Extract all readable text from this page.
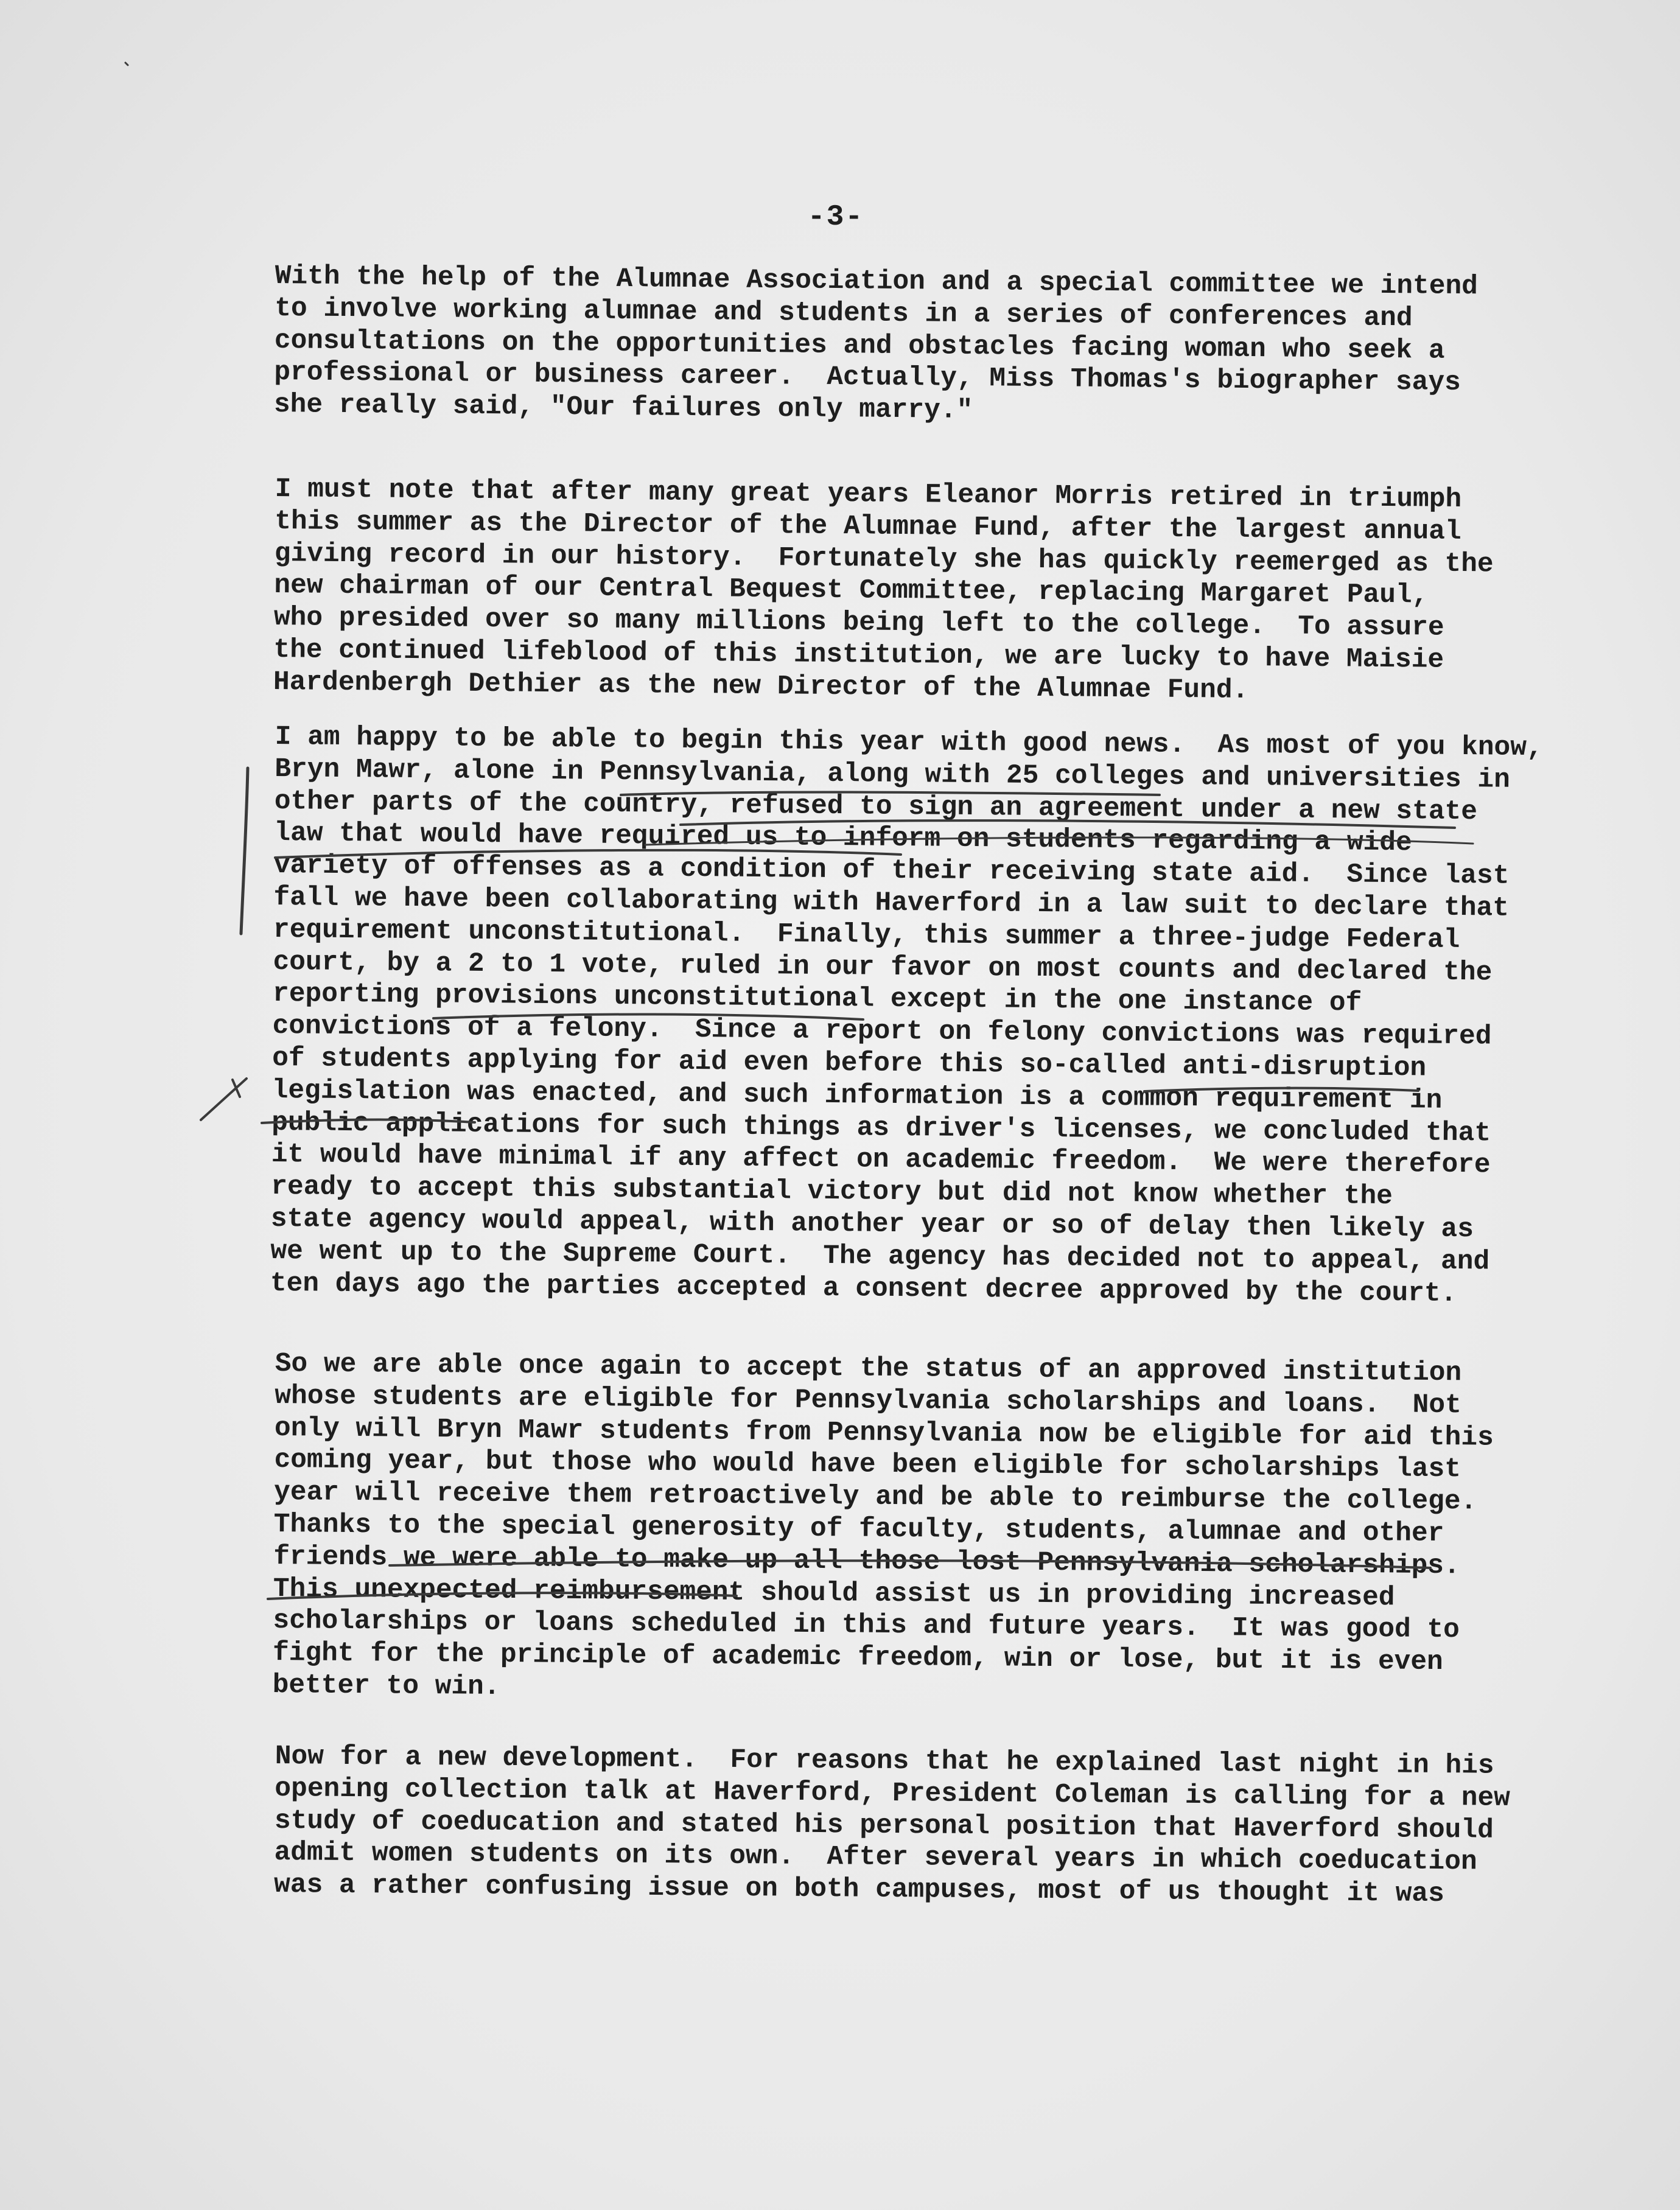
-3-
With the help of the Alumnae Association and a special committee we intend
to involve working alumnae and students in a series of conferences and
consultations on the opportunities and obstacles facing woman who seek a
professional or business career.  Actually, Miss Thomas's biographer says
she really said, "Our failures only marry."
I must note that after many great years Eleanor Morris retired in triumph
this summer as the Director of the Alumnae Fund, after the largest annual
giving record in our history.  Fortunately she has quickly reemerged as the
new chairman of our Central Bequest Committee, replacing Margaret Paul,
who presided over so many millions being left to the college.  To assure
the continued lifeblood of this institution, we are lucky to have Maisie
Hardenbergh Dethier as the new Director of the Alumnae Fund.
I am happy to be able to begin this year with good news.  As most of you know,
Bryn Mawr, alone in Pennsylvania, along with 25 colleges and universities in
other parts of the country, refused to sign an agreement under a new state
law that would have required us to inform on students regarding a wide
variety of offenses as a condition of their receiving state aid.  Since last
fall we have been collaborating with Haverford in a law suit to declare that
requirement unconstitutional.  Finally, this summer a three-judge Federal
court, by a 2 to 1 vote, ruled in our favor on most counts and declared the
reporting provisions unconstitutional except in the one instance of
convictions of a felony.  Since a report on felony convictions was required
of students applying for aid even before this so-called anti-disruption
legislation was enacted, and such information is a common requirement in
public applications for such things as driver's licenses, we concluded that
it would have minimal if any affect on academic freedom.  We were therefore
ready to accept this substantial victory but did not know whether the
state agency would appeal, with another year or so of delay then likely as
we went up to the Supreme Court.  The agency has decided not to appeal, and
ten days ago the parties accepted a consent decree approved by the court.
So we are able once again to accept the status of an approved institution
whose students are eligible for Pennsylvania scholarships and loans.  Not
only will Bryn Mawr students from Pennsylvania now be eligible for aid this
coming year, but those who would have been eligible for scholarships last
year will receive them retroactively and be able to reimburse the college.
Thanks to the special generosity of faculty, students, alumnae and other
friends we were able to make up all those lost Pennsylvania scholarships.
This unexpected reimbursement should assist us in providing increased
scholarships or loans scheduled in this and future years.  It was good to
fight for the principle of academic freedom, win or lose, but it is even
better to win.
Now for a new development.  For reasons that he explained last night in his
opening collection talk at Haverford, President Coleman is calling for a new
study of coeducation and stated his personal position that Haverford should
admit women students on its own.  After several years in which coeducation
was a rather confusing issue on both campuses, most of us thought it was
